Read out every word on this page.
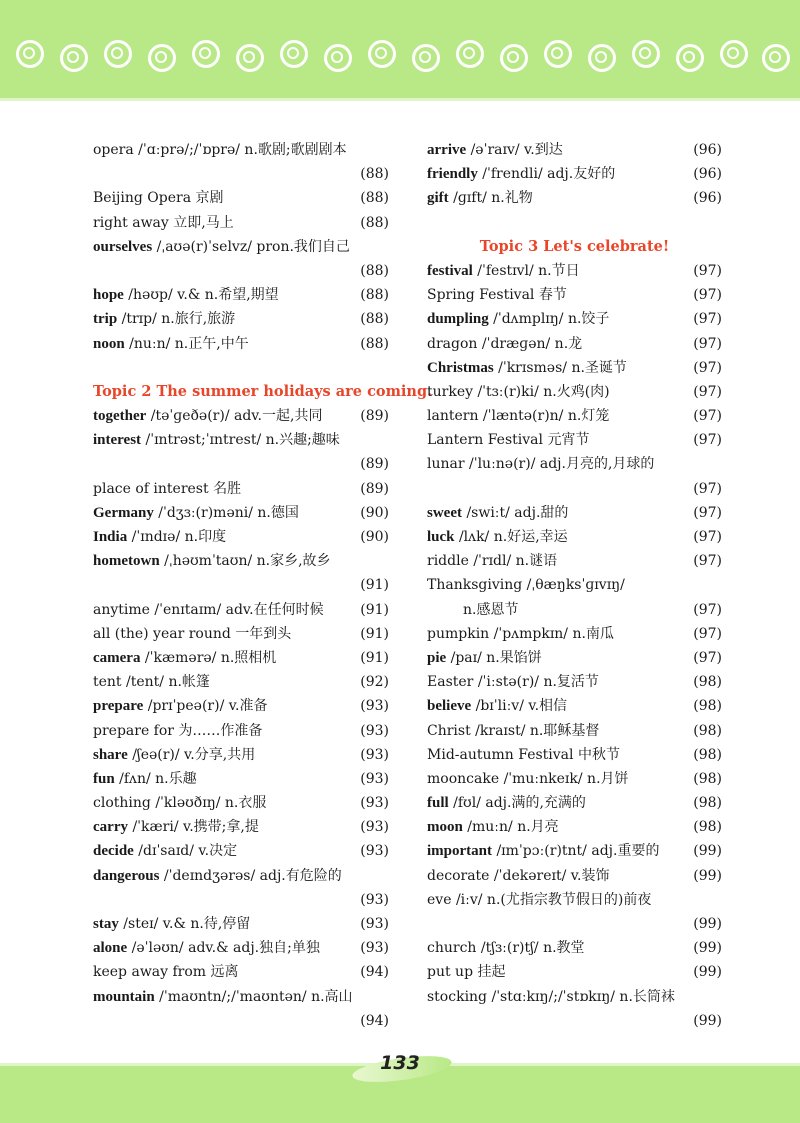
opera /ˈɑːprə/;/ˈɒprə/ n.歌剧;歌剧剧本
(88)
Beijing Opera 京剧	(88)
right away 立即,马上	(88)
ourselves /ˌaʊə(r)ˈselvz/ pron.我们自己
(88)
hope /həʊp/ v.& n.希望,期望	(88)
trip /trɪp/ n.旅行,旅游	(88)
noon /nuːn/ n.正午,中午	(88)
Topic 2 The summer holidays are coming.
together /təˈɡeðə(r)/ adv.一起,共同	(89)
interest /ˈɪntrəst;ˈɪntrest/ n.兴趣;趣味
(89)
place of interest 名胜	(89)
Germany /ˈdʒɜː(r)məni/ n.德国	(90)
India /ˈɪndɪə/ n.印度	(90)
hometown /ˌhəʊmˈtaʊn/ n.家乡,故乡
(91)
anytime /ˈenɪtaɪm/ adv.在任何时候	(91)
all (the) year round 一年到头	(91)
camera /ˈkæmərə/ n.照相机	(91)
tent /tent/ n.帐篷	(92)
prepare /prɪˈpeə(r)/ v.准备	(93)
prepare for 为……作准备	(93)
share /ʃeə(r)/ v.分享,共用	(93)
fun /fʌn/ n.乐趣	(93)
clothing /ˈkləʊðɪŋ/ n.衣服	(93)
carry /ˈkæri/ v.携带;拿,提	(93)
decide /dɪˈsaɪd/ v.决定	(93)
dangerous /ˈdeɪndʒərəs/ adj.有危险的
(93)
stay /steɪ/ v.& n.待,停留	(93)
alone /əˈləʊn/ adv.& adj.独自;单独	(93)
keep away from 远离	(94)
mountain /ˈmaʊntn/;/ˈmaʊntən/ n.高山
(94)
arrive /əˈraɪv/ v.到达	(96)
friendly /ˈfrendli/ adj.友好的	(96)
gift /ɡɪft/ n.礼物	(96)
Topic 3 Let's celebrate!
festival /ˈfestɪvl/ n.节日	(97)
Spring Festival 春节	(97)
dumpling /ˈdʌmplɪŋ/ n.饺子	(97)
dragon /ˈdræɡən/ n.龙	(97)
Christmas /ˈkrɪsməs/ n.圣诞节	(97)
turkey /ˈtɜː(r)ki/ n.火鸡(肉)	(97)
lantern /ˈlæntə(r)n/ n.灯笼	(97)
Lantern Festival 元宵节	(97)
lunar /ˈluːnə(r)/ adj.月亮的,月球的
(97)
sweet /swiːt/ adj.甜的	(97)
luck /lʌk/ n.好运,幸运	(97)
riddle /ˈrɪdl/ n.谜语	(97)
Thanksgiving /ˌθæŋksˈɡɪvɪŋ/
n.感恩节	(97)
pumpkin /ˈpʌmpkɪn/ n.南瓜	(97)
pie /paɪ/ n.果馅饼	(97)
Easter /ˈiːstə(r)/ n.复活节	(98)
believe /bɪˈliːv/ v.相信	(98)
Christ /kraɪst/ n.耶稣基督	(98)
Mid-autumn Festival 中秋节	(98)
mooncake /ˈmuːnkeɪk/ n.月饼	(98)
full /fʊl/ adj.满的,充满的	(98)
moon /muːn/ n.月亮	(98)
important /ɪmˈpɔː(r)tnt/ adj.重要的 (99)
decorate /ˈdekəreɪt/ v.装饰	(99)
eve /iːv/ n.(尤指宗教节假日的)前夜
(99)
church /tʃɜː(r)tʃ/ n.教堂	(99)
put up 挂起	(99)
stocking /ˈstɑːkɪŋ/;/ˈstɒkɪŋ/ n.长筒袜
(99)
133
